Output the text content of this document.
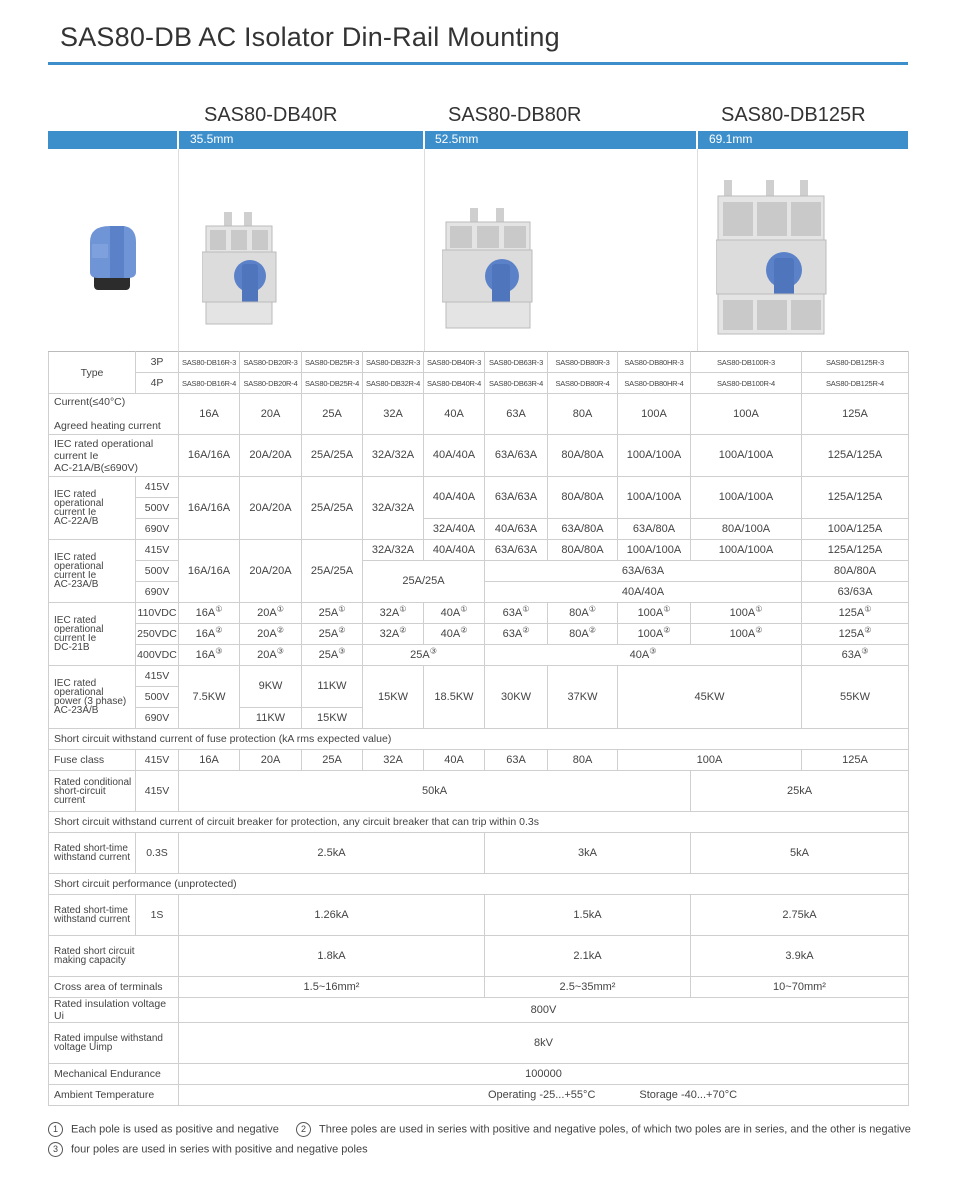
SAS80-DB AC Isolator Din-Rail Mounting
SAS80-DB40R	SAS80-DB80R	SAS80-DB125R
35.5mm	52.5mm	69.1mm
Type	3P	SAS80-DB16R-3	SAS80-DB20R-3	SAS80-DB25R-3	SAS80-DB32R-3	SAS80-DB40R-3	SAS80-DB63R-3	SAS80-DB80R-3	SAS80-DB80HR-3	SAS80-DB100R-3	SAS80-DB125R-3	
	4P	SAS80-DB16R-4	SAS80-DB20R-4	SAS80-DB25R-4	SAS80-DB32R-4	SAS80-DB40R-4	SAS80-DB63R-4	SAS80-DB80R-4	SAS80-DB80HR-4	SAS80-DB100R-4	SAS80-DB125R-4	
Current(≤40°C)

Agreed heating current		16A	20A	25A	32A	40A	63A	80A	100A	100A	125A	
IEC rated operational
current Ie
AC-21A/B(≤690V)		16A/16A	20A/20A	25A/25A	32A/32A	40A/40A	63A/63A	80A/80A	100A/100A	100A/100A	125A/125A	
IEC rated
operational
current Ie
AC-22A/B	415V	16A/16A	20A/20A	25A/25A	32A/32A	40A/40A	63A/63A	80A/80A	100A/100A	100A/100A	125A/125A	
	500V											
	690V					32A/40A	40A/63A	63A/80A	63A/80A	80A/100A	100A/125A	
IEC rated
operational
current Ie
AC-23A/B	415V	16A/16A	20A/20A	25A/25A	32A/32A	40A/40A	63A/63A	80A/80A	100A/100A	100A/100A	125A/125A	
	500V				25A/25A		63A/63A				80A/80A	
	690V						40A/40A				63/63A	
IEC rated
operational
current Ie
DC-21B	110VDC	16A①	20A①	25A①	32A①	40A①	63A①	80A①	100A①	100A①	125A①
	250VDC	16A②	20A②	25A②	32A②	40A②	63A②	80A②	100A②	100A②	125A②
	400VDC	16A③	20A③	25A③	25A③		40A③				63A③
IEC rated
operational
power (3 phase)
AC-23A/B	415V	7.5KW	9KW	11KW	15KW	18.5KW	30KW	37KW	45KW		55KW	
	500V											
	690V		11KW	15KW								
Short circuit withstand current of fuse protection (kA rms expected value)												
Fuse class	415V	16A	20A	25A	32A	40A	63A	80A	100A		125A	
Rated conditional
short-circuit
current	415V	50kA								25kA		
Short circuit withstand current of circuit breaker for protection, any circuit breaker that can trip within 0.3s												
Rated short-time
withstand current	0.3S	2.5kA					3kA			5kA		
Short circuit performance (unprotected)												
Rated short-time
withstand current	1S	1.26kA					1.5kA			2.75kA		
Rated short circuit
making capacity		1.8kA					2.1kA			3.9kA		
Cross area of terminals		1.5~16mm²					2.5~35mm²			10~70mm²		
Rated insulation voltage Ui		800V										
Rated impulse withstand
voltage Uimp		8kV										
Mechanical Endurance		100000										
Ambient Temperature		Operating -25...+55°C Storage -40...+70°C										
1 Each pole is used as positive and negative 2 Three poles are used in series with positive and negative poles, of which two poles are in series, and the other is negative
3 four poles are used in series with positive and negative poles
